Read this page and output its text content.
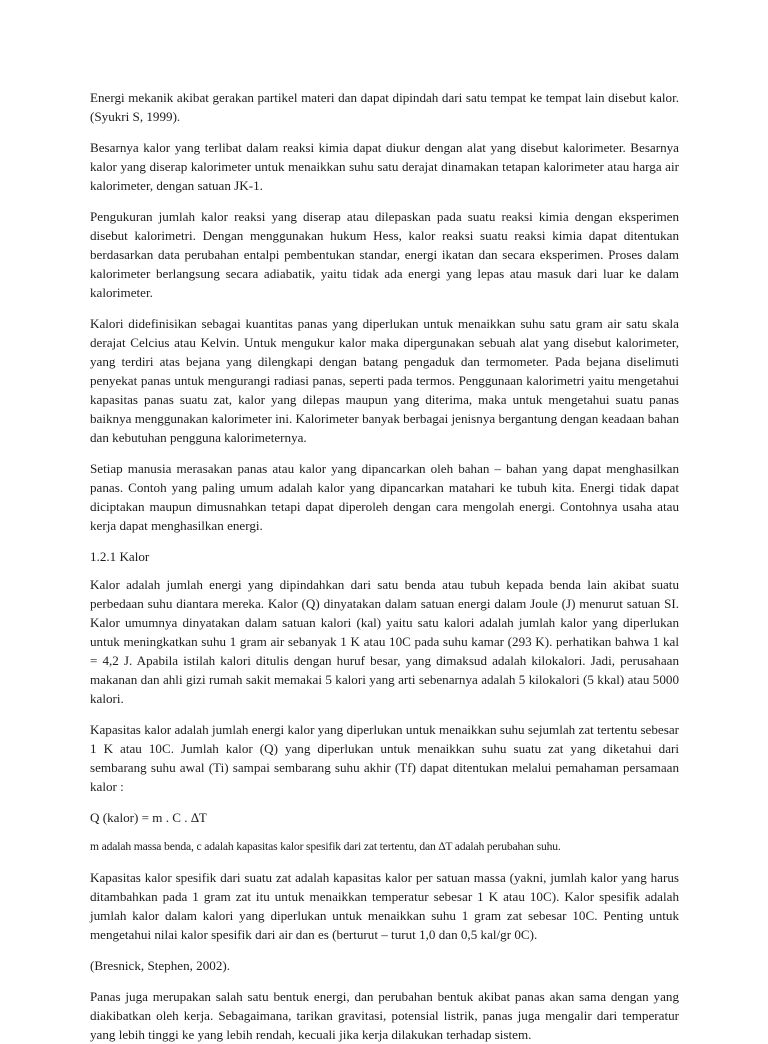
Energi mekanik akibat gerakan partikel materi dan dapat dipindah dari satu tempat ke tempat lain disebut kalor. (Syukri S, 1999).

Besarnya kalor yang terlibat dalam reaksi kimia dapat diukur dengan alat yang disebut kalorimeter. Besarnya kalor yang diserap kalorimeter untuk menaikkan suhu satu derajat dinamakan tetapan kalorimeter atau harga air kalorimeter, dengan satuan JK-1.

Pengukuran jumlah kalor reaksi yang diserap atau dilepaskan pada suatu reaksi kimia dengan eksperimen disebut kalorimetri. Dengan menggunakan hukum Hess, kalor reaksi suatu reaksi kimia dapat ditentukan berdasarkan data perubahan entalpi pembentukan standar, energi ikatan dan secara eksperimen. Proses dalam kalorimeter berlangsung secara adiabatik, yaitu tidak ada energi yang lepas atau masuk dari luar ke dalam kalorimeter.

Kalori didefinisikan sebagai kuantitas panas yang diperlukan untuk menaikkan suhu satu gram air satu skala derajat Celcius atau Kelvin. Untuk mengukur kalor maka dipergunakan sebuah alat yang disebut kalorimeter, yang terdiri atas bejana yang dilengkapi dengan batang pengaduk dan termometer. Pada bejana diselimuti penyekat panas untuk mengurangi radiasi panas, seperti pada termos. Penggunaan kalorimetri yaitu mengetahui kapasitas panas suatu zat, kalor yang dilepas maupun yang diterima, maka untuk mengetahui suatu panas baiknya menggunakan kalorimeter ini. Kalorimeter banyak berbagai jenisnya bergantung dengan keadaan bahan dan kebutuhan pengguna kalorimeternya.

Setiap manusia merasakan panas atau kalor yang dipancarkan oleh bahan – bahan yang dapat menghasilkan panas. Contoh yang paling umum adalah kalor yang dipancarkan matahari ke tubuh kita. Energi tidak dapat diciptakan maupun dimusnahkan tetapi dapat diperoleh dengan cara mengolah energi. Contohnya usaha atau kerja dapat menghasilkan energi.

1.2.1 Kalor

Kalor adalah jumlah energi yang dipindahkan dari satu benda atau tubuh kepada benda lain akibat suatu perbedaan suhu diantara mereka. Kalor (Q) dinyatakan dalam satuan energi dalam Joule (J) menurut satuan SI. Kalor umumnya dinyatakan dalam satuan kalori (kal) yaitu satu kalori adalah jumlah kalor yang diperlukan untuk meningkatkan suhu 1 gram air sebanyak 1 K atau 10C pada suhu kamar (293 K). perhatikan bahwa 1 kal = 4,2 J. Apabila istilah kalori ditulis dengan huruf besar, yang dimaksud adalah kilokalori. Jadi, perusahaan makanan dan ahli gizi rumah sakit memakai 5 kalori yang arti sebenarnya adalah 5 kilokalori (5 kkal) atau 5000 kalori.

Kapasitas kalor adalah jumlah energi kalor yang diperlukan untuk menaikkan suhu sejumlah zat tertentu sebesar 1 K atau 10C. Jumlah kalor (Q) yang diperlukan untuk menaikkan suhu suatu zat yang diketahui dari sembarang suhu awal (Ti) sampai sembarang suhu akhir (Tf) dapat ditentukan melalui pemahaman persamaan kalor :

Q (kalor) = m . C . ∆T

m adalah massa benda, c adalah kapasitas kalor spesifik dari zat tertentu, dan ∆T adalah perubahan suhu.

Kapasitas kalor spesifik dari suatu zat adalah kapasitas kalor per satuan massa (yakni, jumlah kalor yang harus ditambahkan pada 1 gram zat itu untuk menaikkan temperatur sebesar 1 K atau 10C). Kalor spesifik adalah jumlah kalor dalam kalori yang diperlukan untuk menaikkan suhu 1 gram zat sebesar 10C. Penting untuk mengetahui nilai kalor spesifik dari air dan es (berturut – turut 1,0 dan 0,5 kal/gr 0C).

(Bresnick, Stephen, 2002).

Panas juga merupakan salah satu bentuk energi, dan perubahan bentuk akibat panas akan sama dengan yang diakibatkan oleh kerja. Sebagaimana, tarikan gravitasi, potensial listrik, panas juga mengalir dari temperatur yang lebih tinggi ke yang lebih rendah, kecuali jika kerja dilakukan terhadap sistem.
